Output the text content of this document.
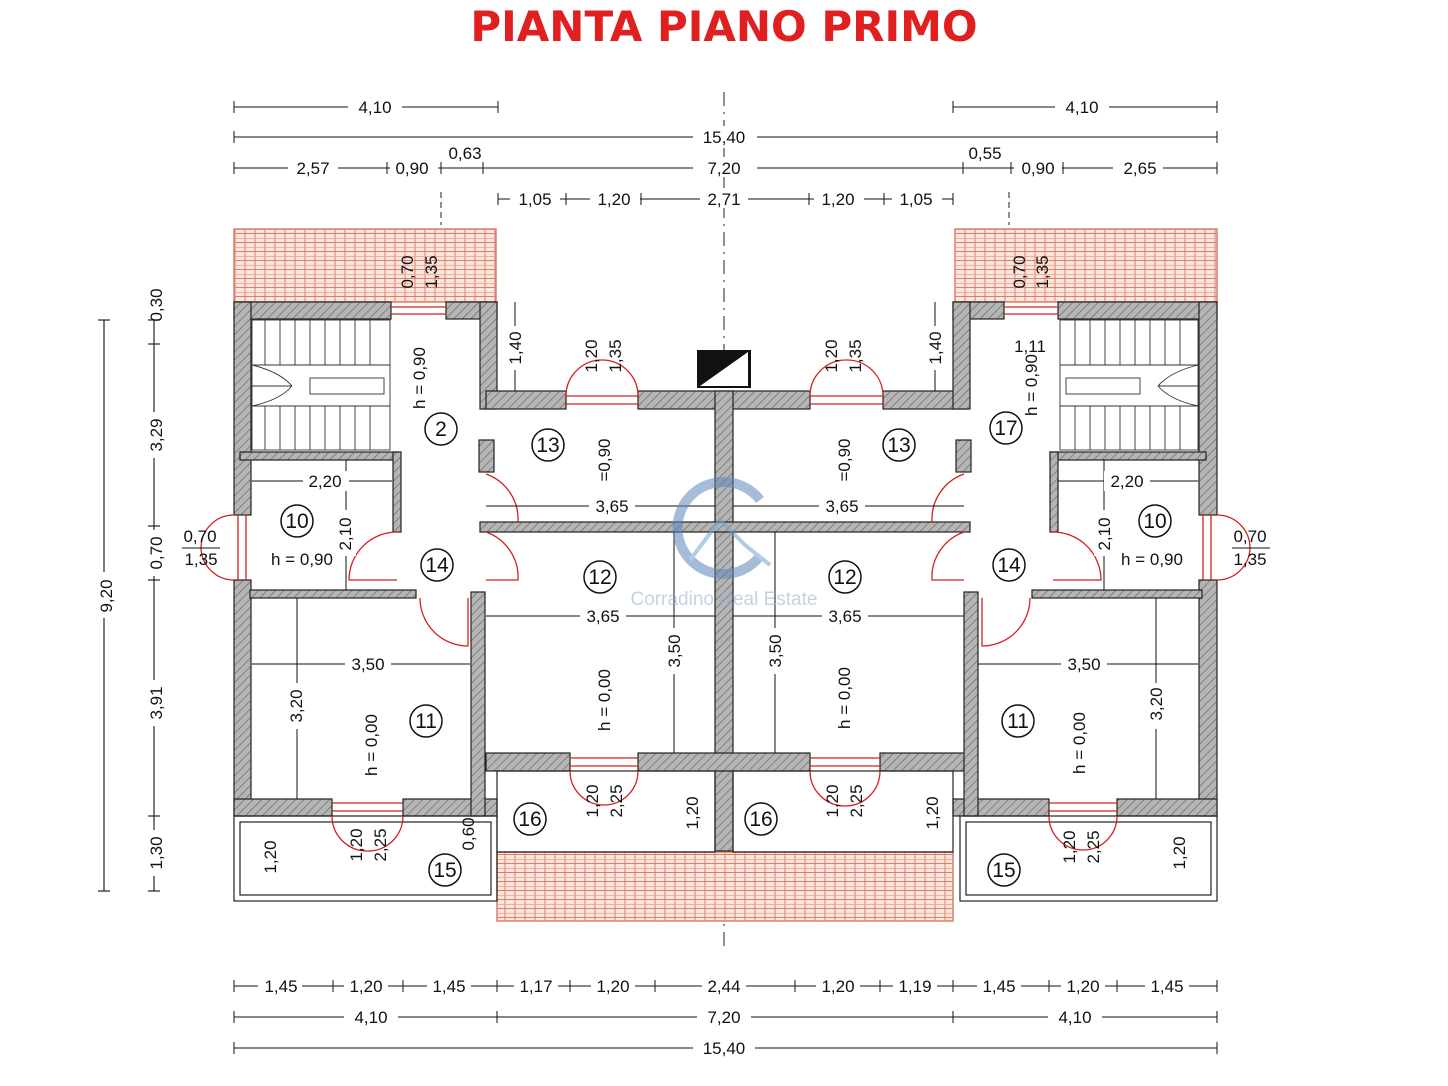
PIANTA PIANO PRIMO
4,10	4,10
15,40
2,57	0,90
0,63
7,20
0,55
0,90	2,65
1,05	1,20	2,71	1,20	1,05
9,20
0,30
3,29
0,70
3,91
1,30
1,45	1,20	1,45	1,17	1,20	2,44	1,20	1,19	1,45	1,20	1,45
4,10	7,20	4,10
15,40
3,65	3,65
3,65	3,65
2,20	2,20
3,50	3,50
3,20	3,20
3,50	3,50
2,10	2,10
1,40	1,40
0,70 1,35	0,70 1,35
1,20 1,35	1,20 1,35
1,20 2,25	1,20 2,25
1,20 2,25	1,20 2,25
1,20	1,20
0,60
1,20	1,20
1,11
0,70
1,35
0,70
1,35
h = 0,90	h = 0,90
h = 0,90	h = 0,90
=0,90	=0,90
h = 0,00	h = 0,00
h = 0,00	h = 0,00
2
10	10
11	11
12	12
13	13
14	14
15	15
16	16
17
Corradino Real Estate
